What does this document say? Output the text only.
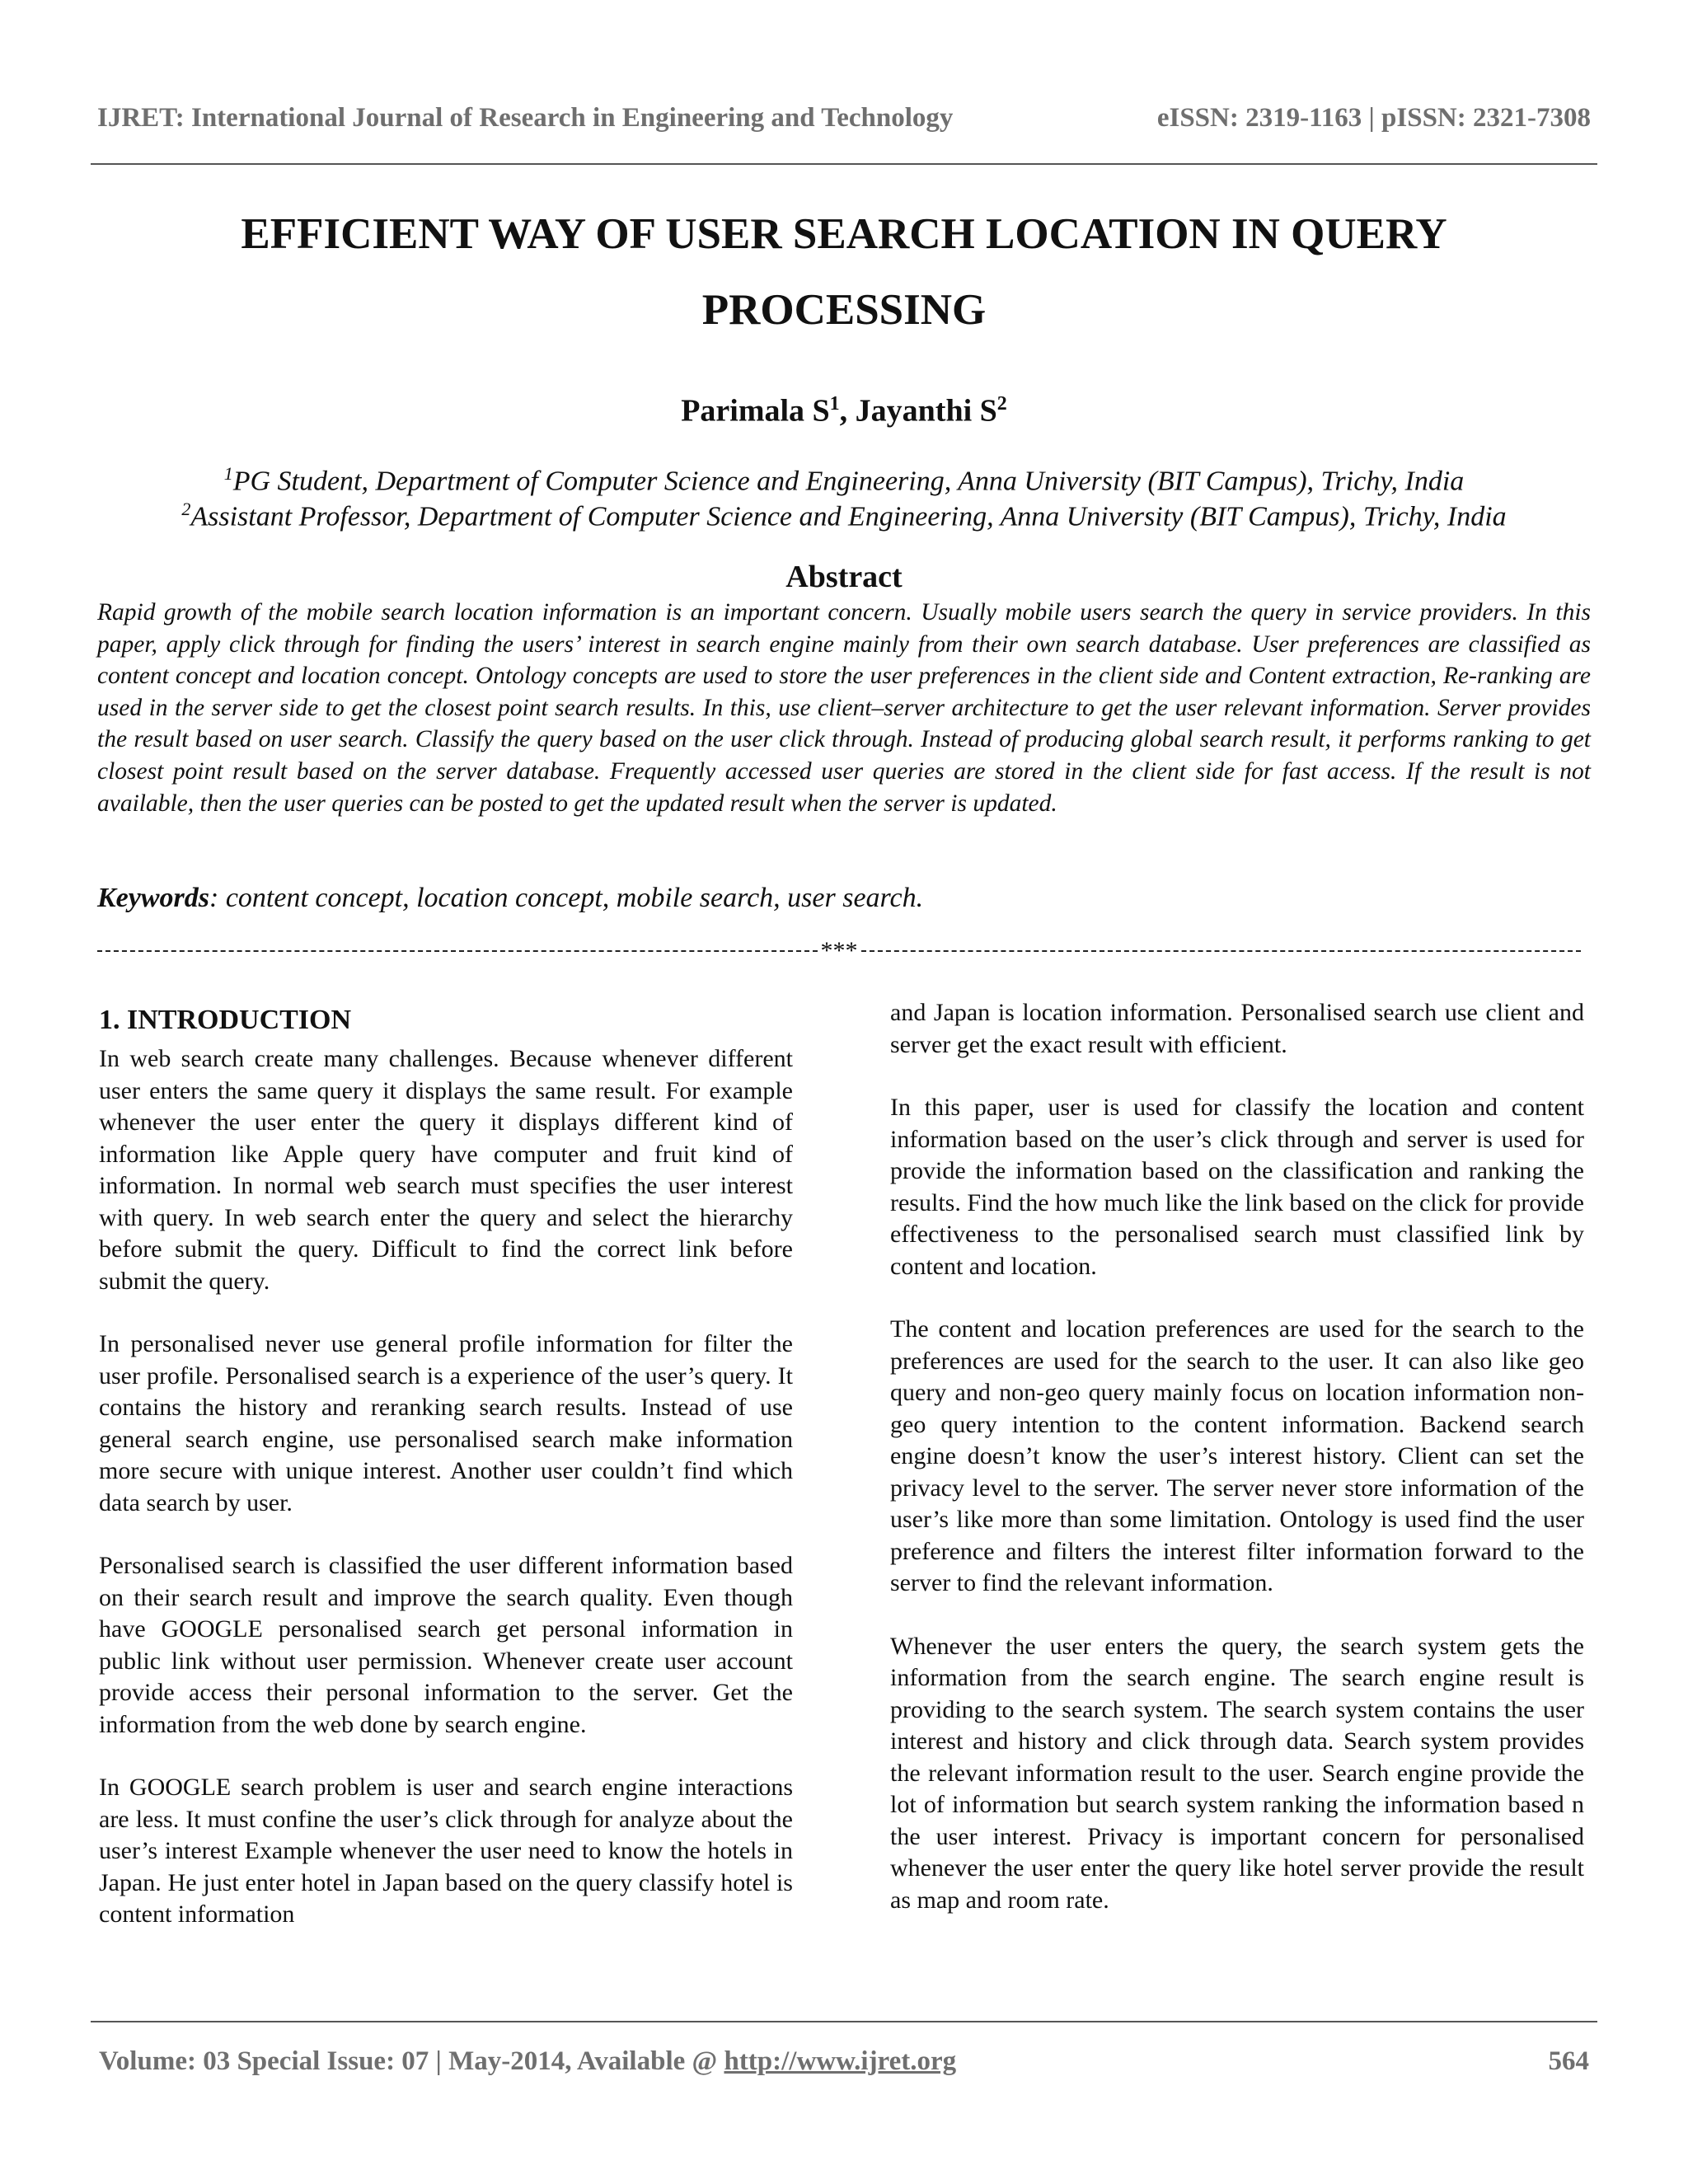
IJRET: International Journal of Research in Engineering and Technology	eISSN: 2319-1163 | pISSN: 2321-7308
EFFICIENT WAY OF USER SEARCH LOCATION IN QUERY
PROCESSING
Parimala $S^1$, Jayanthi $S^2$
$^1$PG Student, Department of Computer Science and Engineering, Anna University (BIT Campus), Trichy, India
$^2$Assistant Professor, Department of Computer Science and Engineering, Anna University (BIT Campus), Trichy, India
Abstract
Rapid growth of the mobile search location information is an important concern. Usually mobile users search the query in service providers. In this paper, apply click through for finding the users’ interest in search engine mainly from their own search database. User preferences are classified as content concept and location concept. Ontology concepts are used to store the user preferences in the client side and Content extraction, Re-ranking are used in the server side to get the closest point search results. In this, use client–server architecture to get the user relevant information. Server provides the result based on user search. Classify the query based on the user click through. Instead of producing global search result, it performs ranking to get closest point result based on the server database. Frequently accessed user queries are stored in the client side for fast access. If the result is not available, then the user queries can be posted to get the updated result when the server is updated.
Keywords: content concept, location concept, mobile search, user search.
***
1. INTRODUCTION

In web search create many challenges. Because whenever different user enters the same query it displays the same result. For example whenever the user enter the query it displays different kind of information like Apple query have computer and fruit kind of information. In normal web search must specifies the user interest with query. In web search enter the query and select the hierarchy before submit the query. Difficult to find the correct link before submit the query.

In personalised never use general profile information for filter the user profile. Personalised search is a experience of the user’s query. It contains the history and reranking search results. Instead of use general search engine, use personalised search make information more secure with unique interest. Another user couldn’t find which data search by user.

Personalised search is classified the user different information based on their search result and improve the search quality. Even though have GOOGLE personalised search get personal information in public link without user permission. Whenever create user account provide access their personal information to the server. Get the information from the web done by search engine.

In GOOGLE search problem is user and search engine interactions are less. It must confine the user’s click through for analyze about the user’s interest Example whenever the user need to know the hotels in Japan. He just enter hotel in Japan based on the query classify hotel is content information

and Japan is location information. Personalised search use client and server get the exact result with efficient.

In this paper, user is used for classify the location and content information based on the user’s click through and server is used for provide the information based on the classification and ranking the results. Find the how much like the link based on the click for provide effectiveness to the personalised search must classified link by content and location.

The content and location preferences are used for the search to the preferences are used for the search to the user. It can also like geo query and non-geo query mainly focus on location information non-geo query intention to the content information. Backend search engine doesn’t know the user’s interest history. Client can set the privacy level to the server. The server never store information of the user’s like more than some limitation. Ontology is used find the user preference and filters the interest filter information forward to the server to find the relevant information.

Whenever the user enters the query, the search system gets the information from the search engine. The search engine result is providing to the search system. The search system contains the user interest and history and click through data. Search system provides the relevant information result to the user. Search engine provide the lot of information but search system ranking the information based n the user interest. Privacy is important concern for personalised whenever the user enter the query like hotel server provide the result as map and room rate.

Volume: 03 Special Issue: 07 | May-2014, Available @ http://www.ijret.org	564
